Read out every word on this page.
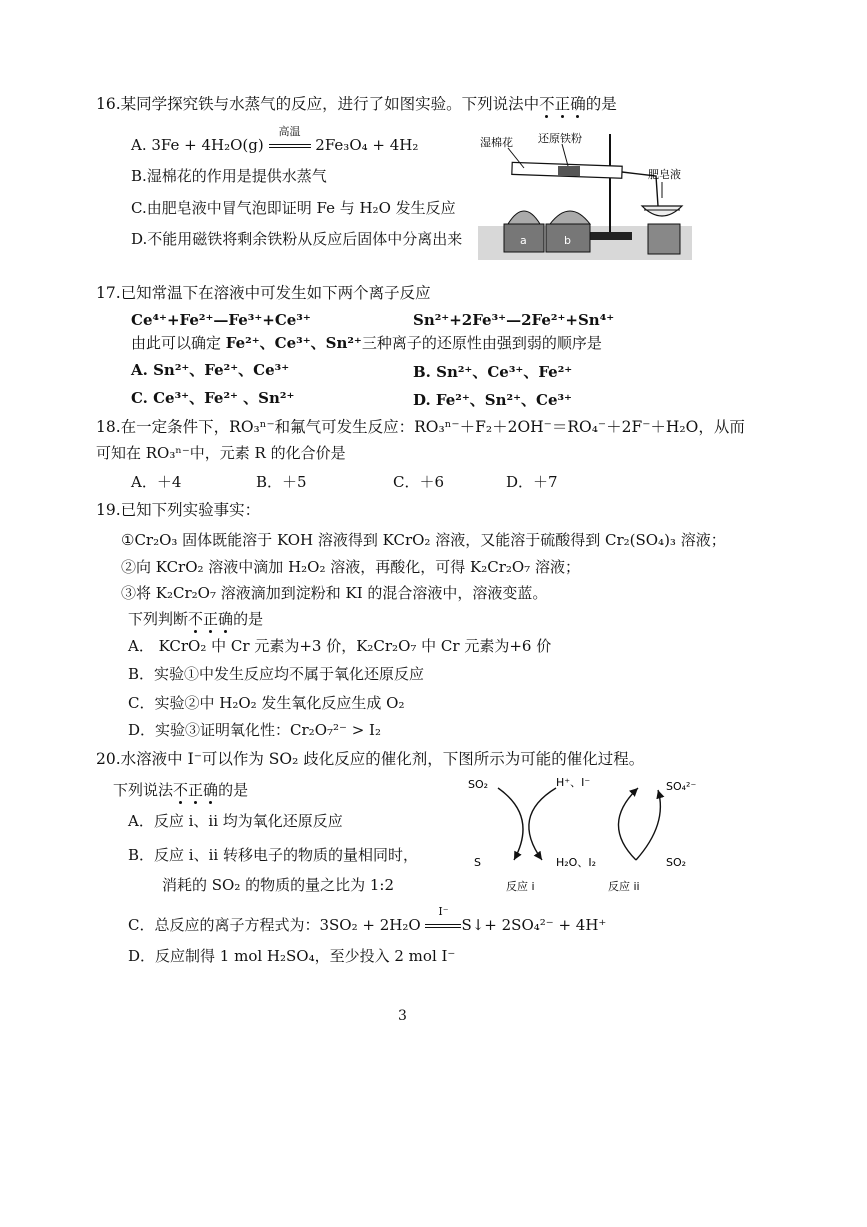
16.某同学探究铁与水蒸气的反应，进行了如图实验。下列说法中不正确的是
A. 3Fe + 4H₂O(g)
高温
2Fe₃O₄ + 4H₂
B.湿棉花的作用是提供水蒸气
C.由肥皂液中冒气泡即证明 Fe 与 H₂O 发生反应
D.不能用磁铁将剩余铁粉从反应后固体中分离出来
湿棉花 还原铁粉
肥皂液
a	b
17.已知常温下在溶液中可发生如下两个离子反应
Ce⁴⁺+Fe²⁺—Fe³⁺+Ce³⁺	Sn²⁺+2Fe³⁺—2Fe²⁺+Sn⁴⁺
由此可以确定 Fe²⁺、Ce³⁺、Sn²⁺三种离子的还原性由强到弱的顺序是
A. Sn²⁺、Fe²⁺、Ce³⁺	B. Sn²⁺、Ce³⁺、Fe²⁺
C. Ce³⁺、Fe²⁺ 、Sn²⁺	D. Fe²⁺、Sn²⁺、Ce³⁺
18.在一定条件下，RO₃ⁿ⁻和氟气可发生反应：RO₃ⁿ⁻＋F₂＋2OH⁻＝RO₄⁻＋2F⁻＋H₂O，从而
可知在 RO₃ⁿ⁻中，元素 R 的化合价是
A．＋4	B．＋5	C．＋6	D．＋7
19.已知下列实验事实：
①Cr₂O₃ 固体既能溶于 KOH 溶液得到 KCrO₂ 溶液，又能溶于硫酸得到 Cr₂(SO₄)₃ 溶液；
②向 KCrO₂ 溶液中滴加 H₂O₂ 溶液，再酸化，可得 K₂Cr₂O₇ 溶液；
③将 K₂Cr₂O₇ 溶液滴加到淀粉和 KI 的混合溶液中，溶液变蓝。
下列判断不正确的是
A． KCrO₂ 中 Cr 元素为+3 价，K₂Cr₂O₇ 中 Cr 元素为+6 价
B．实验①中发生反应均不属于氧化还原反应
C．实验②中 H₂O₂ 发生氧化反应生成 O₂
D．实验③证明氧化性：Cr₂O₇²⁻ > I₂
20.水溶液中 I⁻可以作为 SO₂ 歧化反应的催化剂，下图所示为可能的催化过程。
下列说法不正确的是
A．反应 i、ii 均为氧化还原反应
B．反应 i、ii 转移电子的物质的量相同时，
消耗的 SO₂ 的物质的量之比为 1:2
C．总反应的离子方程式为：3SO₂ + 2H₂O
I⁻
S↓+ 2SO₄²⁻ + 4H⁺
D．反应制得 1 mol H₂SO₄，至少投入 2 mol I⁻
SO₂	H⁺、I⁻	SO₄²⁻
S	H₂O、I₂	SO₂
反应 i	反应 ii
3
